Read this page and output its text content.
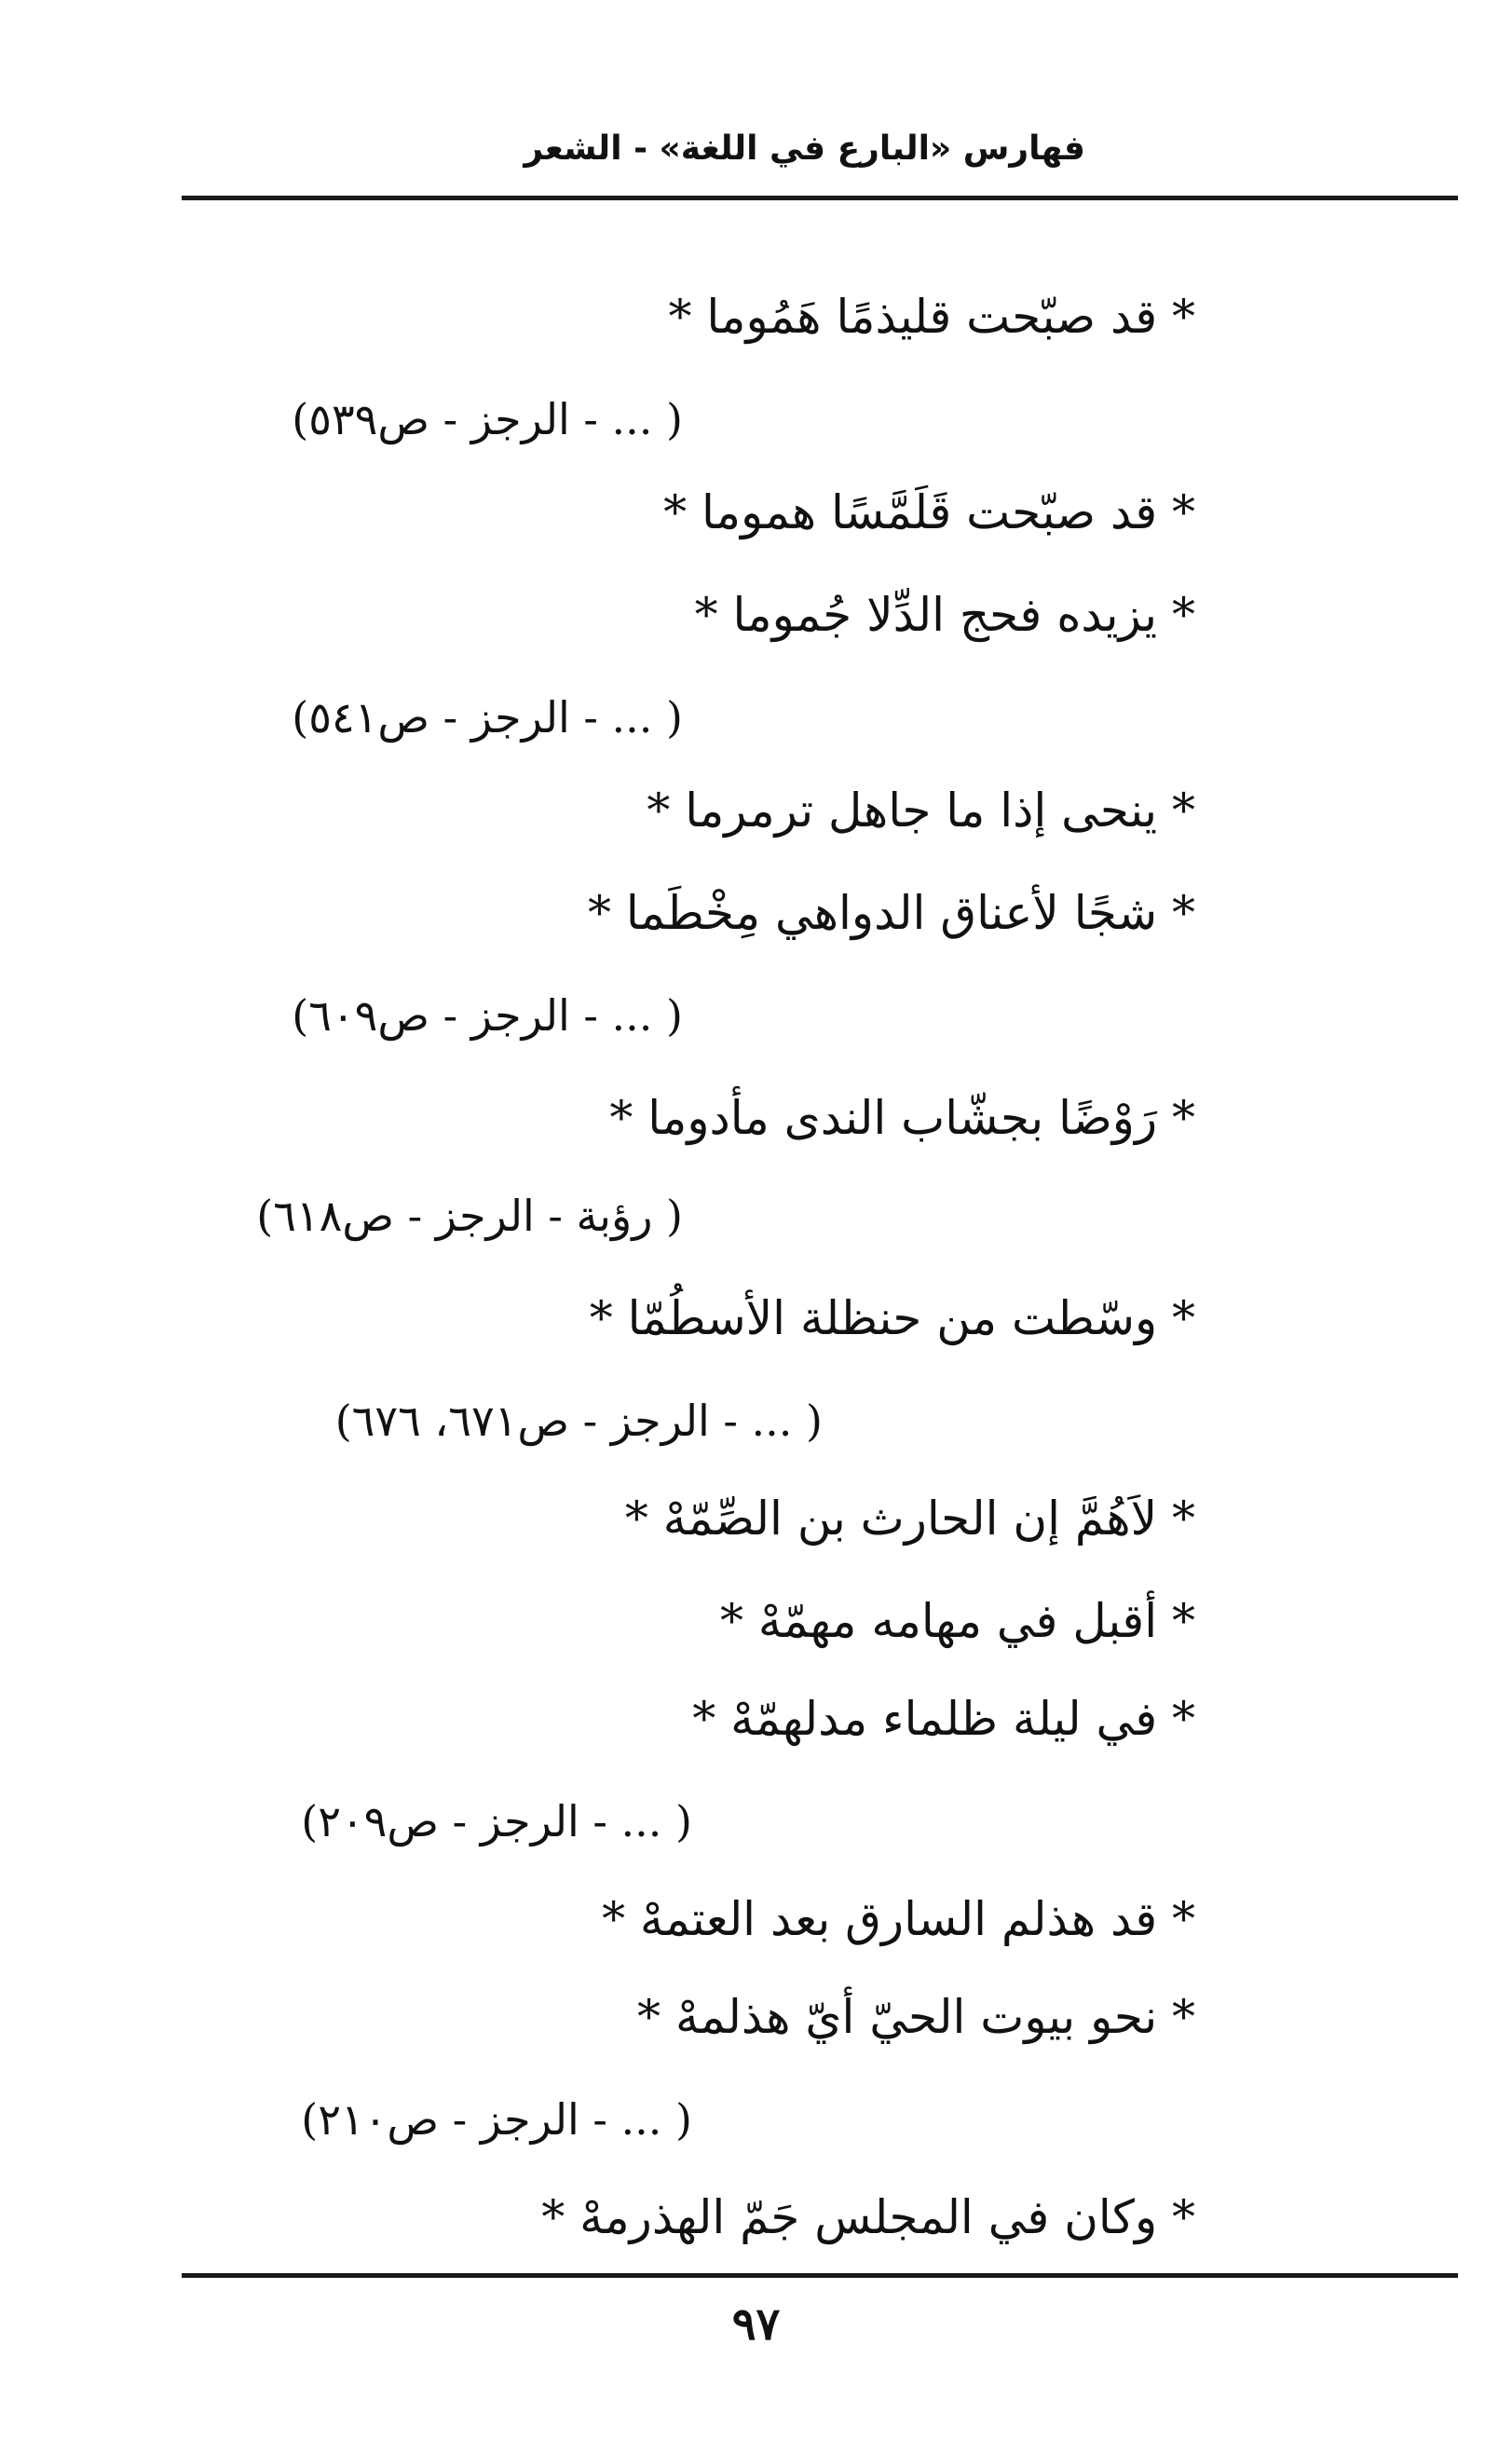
فهارس «البارع في اللغة» - الشعر
* قد صبّحت قليذمًا هَمُوما *
( ... - الرجز - ص٥٣٩)
* قد صبّحت قَلَمَّسًا هموما *
* يزيده فحج الدِّلا جُموما *
( ... - الرجز - ص٥٤١)
* ينحى إذا ما جاهل ترمرما *
* شجًا لأعناق الدواهي مِخْطَما *
( ... - الرجز - ص٦٠٩)
* رَوْضًا بجشّاب الندى مأدوما *
( رؤبة - الرجز - ص٦١٨)
* وسّطت من حنظلة الأسطُمّا *
( ... - الرجز - ص٦٧١، ٦٧٦)
* لاَهُمَّ إن الحارث بن الصِّمّهْ *
* أقبل في مهامه مهمّهْ *
* في ليلة ظلماء مدلهمّهْ *
( ... - الرجز - ص٢٠٩)
* قد هذلم السارق بعد العتمهْ *
* نحو بيوت الحيّ أيّ هذلمهْ *
( ... - الرجز - ص٢١٠)
* وكان في المجلس جَمّ الهذرمهْ *
٩٧
